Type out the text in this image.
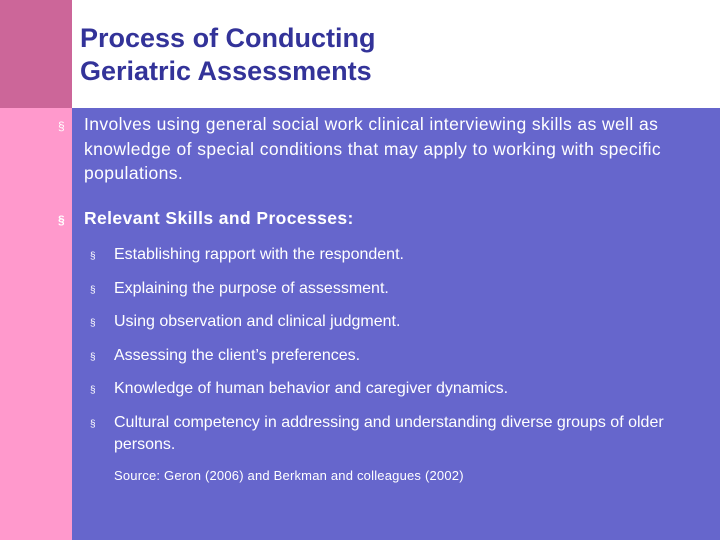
Process of Conducting
Geriatric Assessments
§ Involves using general social work clinical interviewing skills as well as knowledge of special conditions that may apply to working with specific populations.
§ Relevant Skills and Processes:
§ Establishing rapport with the respondent.
§ Explaining the purpose of assessment.
§ Using observation and clinical judgment.
§ Assessing the client’s preferences.
§ Knowledge of human behavior and caregiver dynamics.
§ Cultural competency in addressing and understanding diverse groups of older persons.
Source: Geron (2006) and Berkman and colleagues (2002)
